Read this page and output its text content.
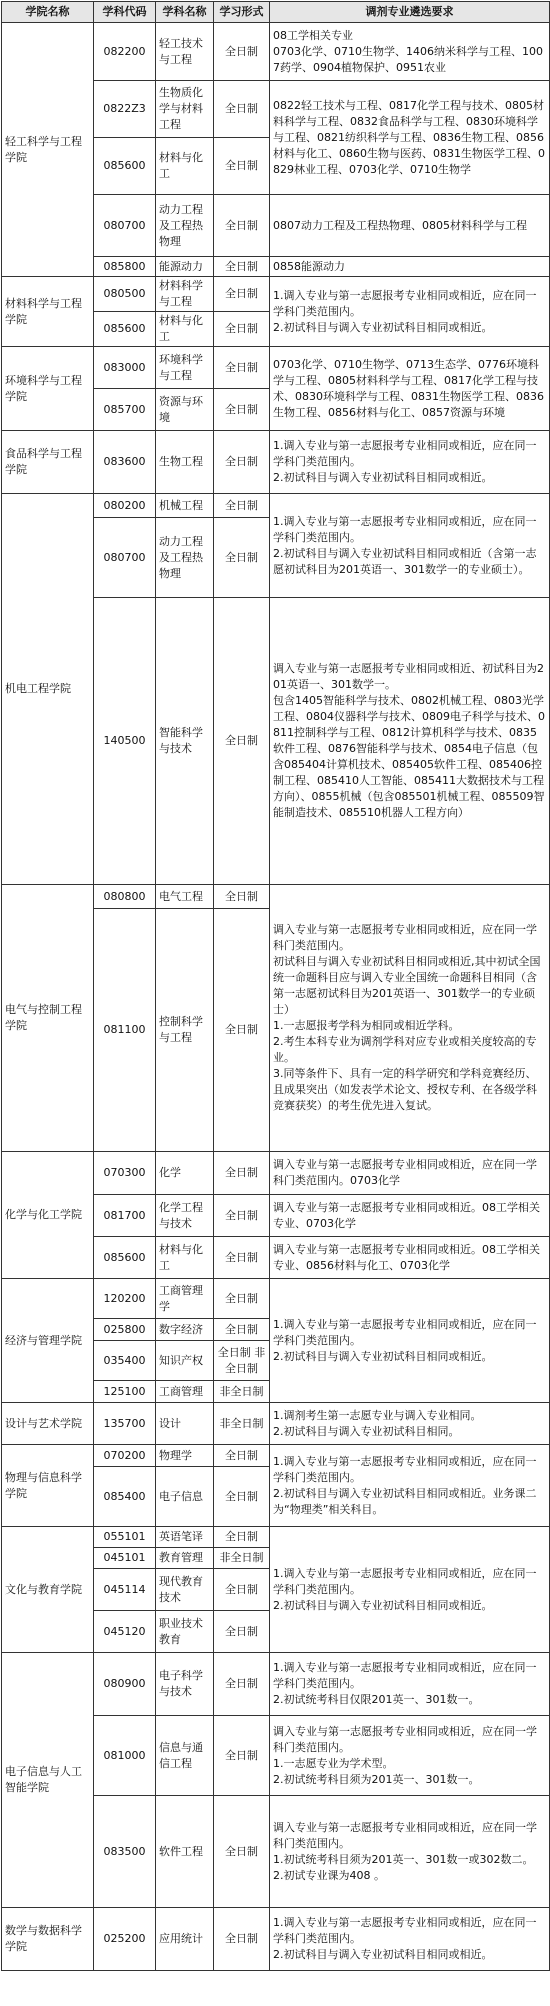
学院名称	学科代码	学科名称	学习形式	调剂专业遴选要求
轻工科学与工程学院	082200	轻工技术与工程	全日制	08工学相关专业
0703化学、0710生物学、1406纳米科学与工程、1007药学、0904植物保护、0951农业

	0822Z3	生物质化学与材料工程	全日制	0822轻工技术与工程、0817化学工程与技术、0805材料科学与工程、0832食品科学与工程、0830环境科学与工程、0821纺织科学与工程、0836生物工程、0856材料与化工、0860生物与医药、0831生物医学工程、0829林业工程、0703化学、0710生物学

	085600	材料与化工	全日制	
	080700	动力工程及工程热物理	全日制	0807动力工程及工程热物理、0805材料科学与工程

	085800	能源动力	全日制	0858能源动力

材料科学与工程学院	080500	材料科学与工程	全日制	1.调入专业与第一志愿报考专业相同或相近，应在同一学科门类范围内。
2.初试科目与调入专业初试科目相同或相近。

	085600	材料与化工	全日制	
环境科学与工程学院	083000	环境科学与工程	全日制	0703化学、0710生物学、0713生态学、0776环境科学与工程、0805材料科学与工程、0817化学工程与技术、0830环境科学与工程、0831生物医学工程、0836生物工程、0856材料与化工、0857资源与环境

	085700	资源与环境	全日制	
食品科学与工程学院	083600	生物工程	全日制	1.调入专业与第一志愿报考专业相同或相近，应在同一学科门类范围内。
2.初试科目与调入专业初试科目相同或相近。

机电工程学院	080200	机械工程	全日制	1.调入专业与第一志愿报考专业相同或相近，应在同一学科门类范围内。
2.初试科目与调入专业初试科目相同或相近（含第一志愿初试科目为201英语一、301数学一的专业硕士）。

	080700	动力工程及工程热物理	全日制	
	140500	智能科学与技术	全日制	调入专业与第一志愿报考专业相同或相近、初试科目为201英语一、301数学一。
包含1405智能科学与技术、0802机械工程、0803光学工程、0804仪器科学与技术、0809电子科学与技术、0811控制科学与工程、0812计算机科学与技术、0835软件工程、0876智能科学与技术、0854电子信息（包含085404计算机技术、085405软件工程、085406控制工程、085410人工智能、085411大数据技术与工程方向）、0855机械（包含085501机械工程、085509智能制造技术、085510机器人工程方向）

电气与控制工程学院	080800	电气工程	全日制	调入专业与第一志愿报考专业相同或相近，应在同一学科门类范围内。
初试科目与调入专业初试科目相同或相近,其中初试全国统一命题科目应与调入专业全国统一命题科目相同（含第一志愿初试科目为201英语一、301数学一的专业硕士）
1.一志愿报考学科为相同或相近学科。
2.考生本科专业为调剂学科对应专业或相关度较高的专业。
3.同等条件下、具有一定的科学研究和学科竞赛经历、且成果突出（如发表学术论文、授权专利、在各级学科竞赛获奖）的考生优先进入复试。

	081100	控制科学与工程	全日制	
化学与化工学院	070300	化学	全日制	调入专业与第一志愿报考专业相同或相近，应在同一学科门类范围内。0703化学

	081700	化学工程与技术	全日制	调入专业与第一志愿报考专业相同或相近。08工学相关专业、0703化学

	085600	材料与化工	全日制	调入专业与第一志愿报考专业相同或相近。08工学相关专业、0856材料与化工、0703化学

经济与管理学院	120200	工商管理学	全日制	1.调入专业与第一志愿报考专业相同或相近，应在同一学科门类范围内。
2.初试科目与调入专业初试科目相同或相近。

	025800	数字经济	全日制	
	035400	知识产权	全日制 非全日制	
	125100	工商管理	非全日制	
设计与艺术学院	135700	设计	非全日制	1.调剂考生第一志愿专业与调入专业相同。
2.初试科目与调入专业初试科目相同。

物理与信息科学学院	070200	物理学	全日制	1.调入专业与第一志愿报考专业相同或相近，应在同一学科门类范围内。
2.初试科目与调入专业初试科目相同或相近。业务课二为“物理类”相关科目。

	085400	电子信息	全日制	
文化与教育学院	055101	英语笔译	全日制	1.调入专业与第一志愿报考专业相同或相近，应在同一学科门类范围内。
2.初试科目与调入专业初试科目相同或相近。

	045101	教育管理	非全日制	
	045114	现代教育技术	全日制	
	045120	职业技术教育	全日制	
电子信息与人工智能学院	080900	电子科学与技术	全日制	1.调入专业与第一志愿报考专业相同或相近，应在同一学科门类范围内。
2.初试统考科目仅限201英一、301数一。

	081000	信息与通信工程	全日制	调入专业与第一志愿报考专业相同或相近，应在同一学科门类范围内。
1.一志愿专业为学术型。
2.初试统考科目须为201英一、301数一。

	083500	软件工程	全日制	调入专业与第一志愿报考专业相同或相近，应在同一学科门类范围内。
1.初试统考科目须为201英一、301数一或302数二。
2.初试专业课为408 。

数学与数据科学学院	025200	应用统计	全日制	1.调入专业与第一志愿报考专业相同或相近，应在同一学科门类范围内。
2.初试科目与调入专业初试科目相同或相近。
